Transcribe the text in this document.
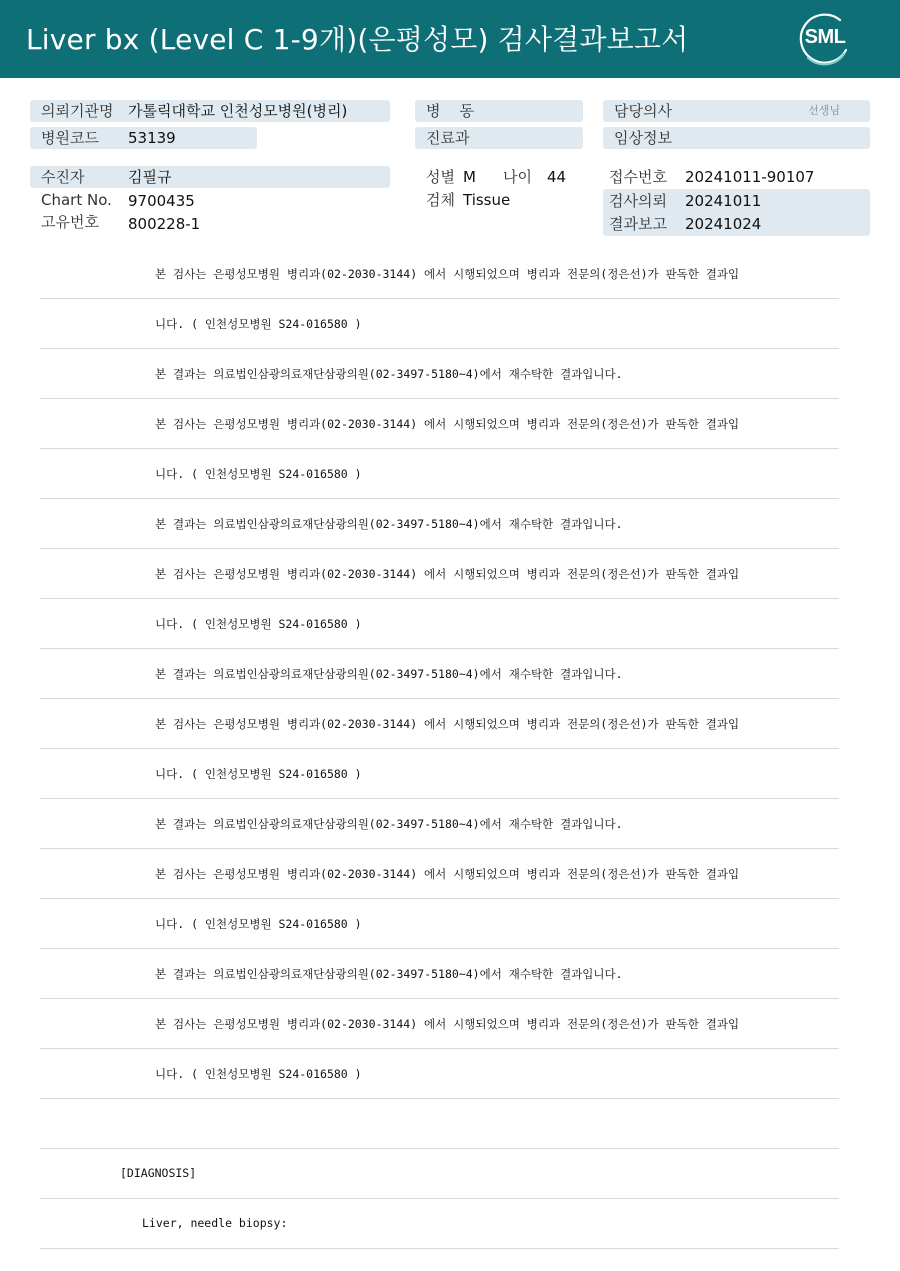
Liver bx (Level C 1-9개)(은평성모) 검사결과보고서	SML
의뢰기관명 가톨릭대학교 인천성모병원(병리)
병원코드 53139
수진자	김필규
Chart No. 9700435
고유번호 800228-1
병    동
진료과
성별 M 나이 44
검체 Tissue
담당의사	선생님
임상정보
접수번호 20241011-90107
검사의뢰 20241011
결과보고 20241024
본 검사는 은평성모병원 병리과(02-2030-3144) 에서 시행되었으며 병리과 전문의(정은선)가 판독한 결과입
니다. ( 인천성모병원 S24-016580 )
본 결과는 의료법인삼광의료재단삼광의원(02-3497-5180~4)에서 재수탁한 결과입니다.
본 검사는 은평성모병원 병리과(02-2030-3144) 에서 시행되었으며 병리과 전문의(정은선)가 판독한 결과입
니다. ( 인천성모병원 S24-016580 )
본 결과는 의료법인삼광의료재단삼광의원(02-3497-5180~4)에서 재수탁한 결과입니다.
본 검사는 은평성모병원 병리과(02-2030-3144) 에서 시행되었으며 병리과 전문의(정은선)가 판독한 결과입
니다. ( 인천성모병원 S24-016580 )
본 결과는 의료법인삼광의료재단삼광의원(02-3497-5180~4)에서 재수탁한 결과입니다.
본 검사는 은평성모병원 병리과(02-2030-3144) 에서 시행되었으며 병리과 전문의(정은선)가 판독한 결과입
니다. ( 인천성모병원 S24-016580 )
본 결과는 의료법인삼광의료재단삼광의원(02-3497-5180~4)에서 재수탁한 결과입니다.
본 검사는 은평성모병원 병리과(02-2030-3144) 에서 시행되었으며 병리과 전문의(정은선)가 판독한 결과입
니다. ( 인천성모병원 S24-016580 )
본 결과는 의료법인삼광의료재단삼광의원(02-3497-5180~4)에서 재수탁한 결과입니다.
본 검사는 은평성모병원 병리과(02-2030-3144) 에서 시행되었으며 병리과 전문의(정은선)가 판독한 결과입
니다. ( 인천성모병원 S24-016580 )
[DIAGNOSIS]
Liver, needle biopsy:
